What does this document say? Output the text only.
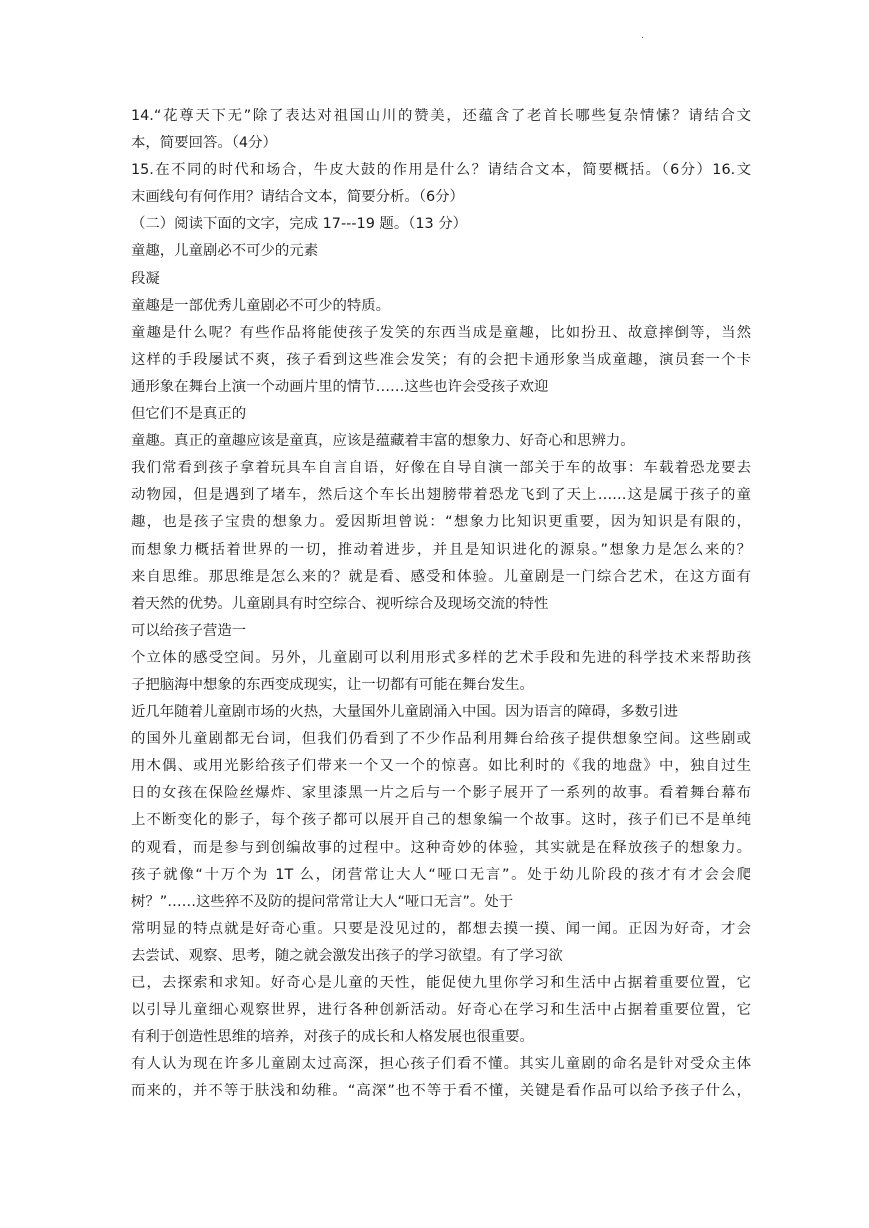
.
14.“花尊天下无”除了表达对祖国山川的赞美，还蕴含了老首长哪些复杂情愫？请结合文
本，简要回答。（4分）
15.在不同的时代和场合，牛皮大鼓的作用是什么？请结合文本，简要概括。（6分）16.文
末画线句有何作用？请结合文本，简要分析。（6分）
（二）阅读下面的文字，完成 17---19 题。（13 分）
童趣，儿童剧必不可少的元素
段凝
童趣是一部优秀儿童剧必不可少的特质。
童趣是什么呢？有些作品将能使孩子发笑的东西当成是童趣，比如扮丑、故意摔倒等，当然
这样的手段屡试不爽，孩子看到这些准会发笑；有的会把卡通形象当成童趣，演员套一个卡
通形象在舞台上演一个动画片里的情节……这些也许会受孩子欢迎
但它们不是真正的
童趣。真正的童趣应该是童真，应该是蕴藏着丰富的想象力、好奇心和思辨力。
我们常看到孩子拿着玩具车自言自语，好像在自导自演一部关于车的故事：车载着恐龙要去
动物园，但是遇到了堵车，然后这个车长出翅膀带着恐龙飞到了天上……这是属于孩子的童
趣，也是孩子宝贵的想象力。爱因斯坦曾说：“想象力比知识更重要，因为知识是有限的，
而想象力概括着世界的一切，推动着进步，并且是知识进化的源泉。”想象力是怎么来的？
来自思维。那思维是怎么来的？就是看、感受和体验。儿童剧是一门综合艺术，在这方面有
着天然的优势。儿童剧具有时空综合、视听综合及现场交流的特性
可以给孩子营造一
个立体的感受空间。另外，儿童剧可以利用形式多样的艺术手段和先进的科学技术来帮助孩
子把脑海中想象的东西变成现实，让一切都有可能在舞台发生。
近几年随着儿童剧市场的火热，大量国外儿童剧涌入中国。因为语言的障碍，多数引进
的国外儿童剧都无台词，但我们仍看到了不少作品利用舞台给孩子提供想象空间。这些剧或
用木偶、或用光影给孩子们带来一个又一个的惊喜。如比利时的《我的地盘》中，独自过生
日的女孩在保险丝爆炸、家里漆黑一片之后与一个影子展开了一系列的故事。看着舞台幕布
上不断变化的影子，每个孩子都可以展开自己的想象编一个故事。这时，孩子们已不是单纯
的观看，而是参与到创编故事的过程中。这种奇妙的体验，其实就是在释放孩子的想象力。
孩子就像“十万个为 1T 么，闭营常让大人“哑口无言”。处于幼儿阶段的孩才有才会会爬
树？”……这些猝不及防的提问常常让大人“哑口无言”。处于
常明显的特点就是好奇心重。只要是没见过的，都想去摸一摸、闻一闻。正因为好奇，才会
去尝试、观察、思考，随之就会激发出孩子的学习欲望。有了学习欲
已，去探索和求知。好奇心是儿童的天性，能促使九里你学习和生活中占据着重要位置，它
以引导儿童细心观察世界，进行各种创新活动。好奇心在学习和生活中占据着重要位置，它
有利于创造性思维的培养，对孩子的成长和人格发展也很重要。
有人认为现在许多儿童剧太过高深，担心孩子们看不懂。其实儿童剧的命名是针对受众主体
而来的，并不等于肤浅和幼稚。“高深”也不等于看不懂，关键是看作品可以给予孩子什么，
